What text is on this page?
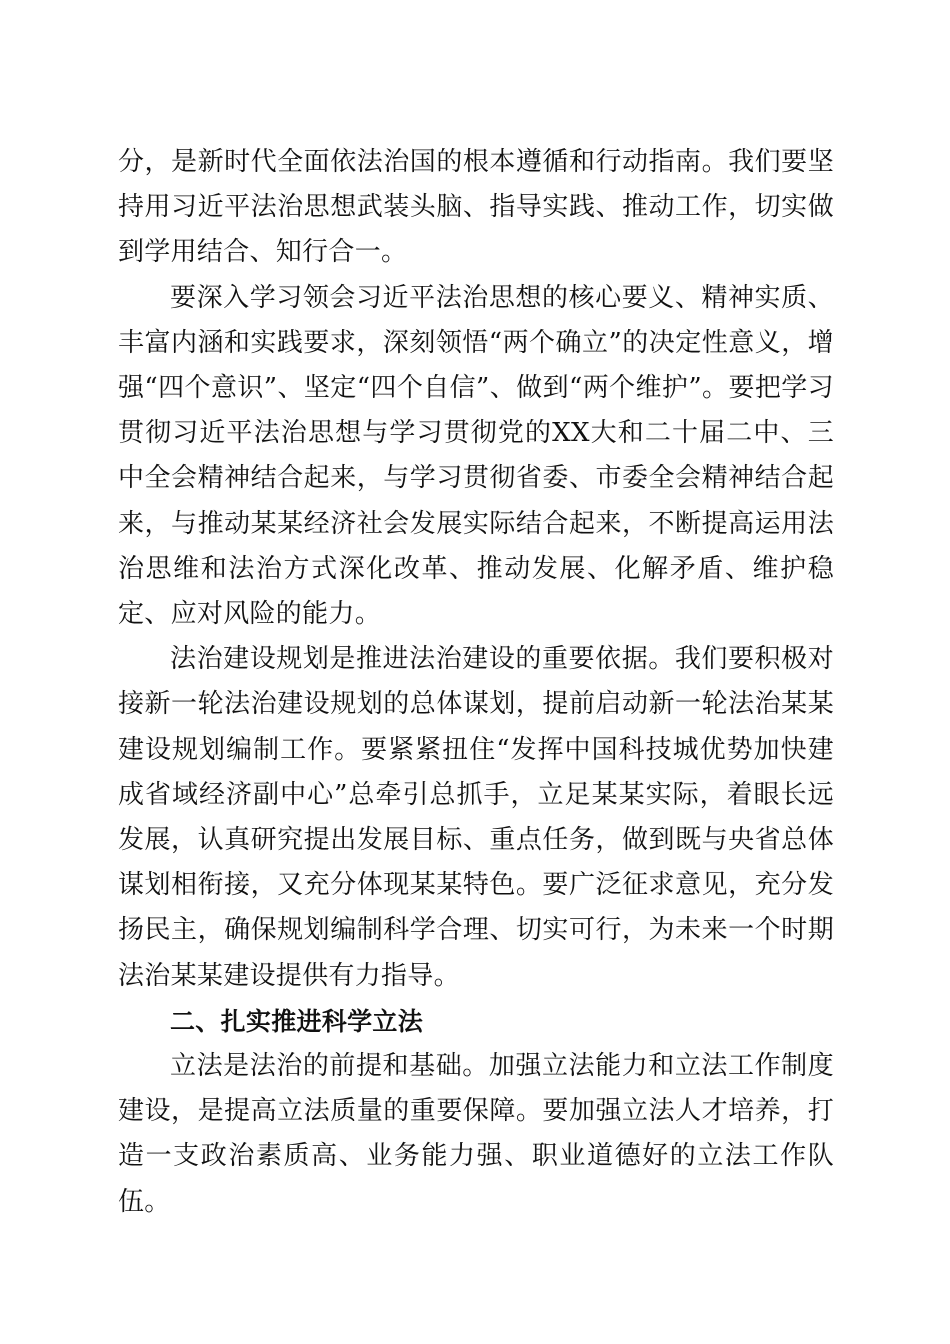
分，是新时代全面依法治国的根本遵循和行动指南。我们要坚持用习近平法治思想武装头脑、指导实践、推动工作，切实做到学用结合、知行合一。

要深入学习领会习近平法治思想的核心要义、精神实质、丰富内涵和实践要求，深刻领悟“两个确立”的决定性意义，增强“四个意识”、坚定“四个自信”、做到“两个维护”。要把学习贯彻习近平法治思想与学习贯彻党的XX大和二十届二中、三中全会精神结合起来，与学习贯彻省委、市委全会精神结合起来，与推动某某经济社会发展实际结合起来，不断提高运用法治思维和法治方式深化改革、推动发展、化解矛盾、维护稳定、应对风险的能力。

法治建设规划是推进法治建设的重要依据。我们要积极对接新一轮法治建设规划的总体谋划，提前启动新一轮法治某某建设规划编制工作。要紧紧扭住“发挥中国科技城优势加快建成省域经济副中心”总牵引总抓手，立足某某实际，着眼长远发展，认真研究提出发展目标、重点任务，做到既与央省总体谋划相衔接，又充分体现某某特色。要广泛征求意见，充分发扬民主，确保规划编制科学合理、切实可行，为未来一个时期法治某某建设提供有力指导。

二、扎实推进科学立法

立法是法治的前提和基础。加强立法能力和立法工作制度建设，是提高立法质量的重要保障。要加强立法人才培养，打造一支政治素质高、业务能力强、职业道德好的立法工作队伍。
